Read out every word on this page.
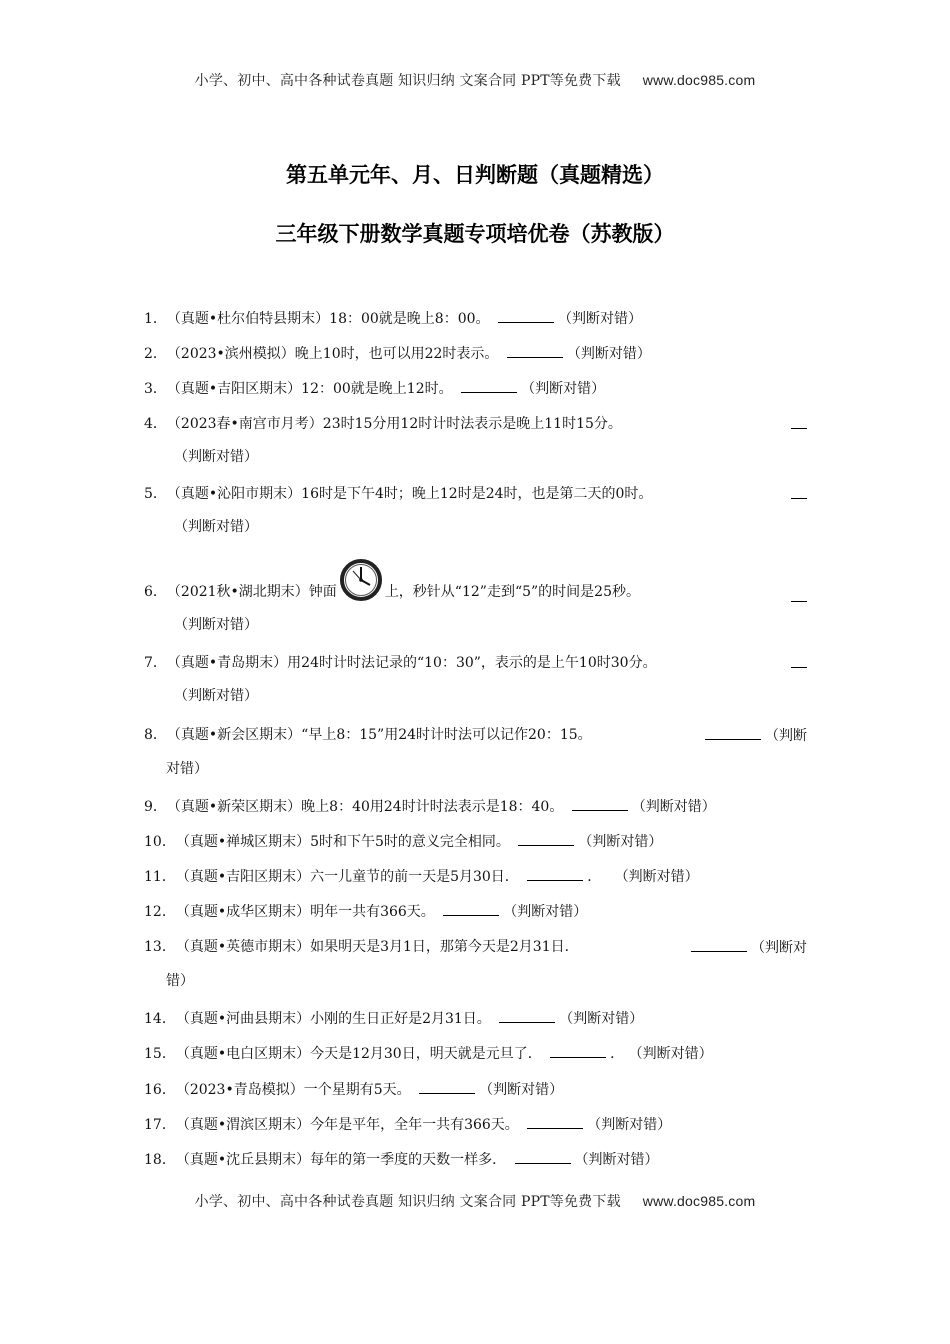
小学、初中、高中各种试卷真题 知识归纳 文案合同 PPT等免费下载 www.doc985.com
第五单元年、月、日判断题（真题精选）
三年级下册数学真题专项培优卷（苏教版）
1．（真题•杜尔伯特县期末）18：00就是晚上8：00。	（判断对错）
2．（2023•滨州模拟）晚上10时，也可以用22时表示。	（判断对错）
3．（真题•吉阳区期末）12：00就是晚上12时。	（判断对错）
4．（2023春•南宫市月考）23时15分用12时计时法表示是晚上11时15分。
（判断对错）
5．（真题•沁阳市期末）16时是下午4时；晚上12时是24时，也是第二天的0时。
（判断对错）
6．（2021秋•湖北期末）钟面	上，秒针从“12”走到“5”的时间是25秒。
（判断对错）
7．（真题•青岛期末）用24时计时法记录的“10：30”，表示的是上午10时30分。
（判断对错）
8．（真题•新会区期末）“早上8：15”用24时计时法可以记作20：15。	（判断
对错）
9．（真题•新荣区期末）晚上8：40用24时计时法表示是18：40。	（判断对错）
10．（真题•禅城区期末）5时和下午5时的意义完全相同。	（判断对错）
11．（真题•吉阳区期末）六一儿童节的前一天是5月30日．	． （判断对错）
12．（真题•成华区期末）明年一共有366天。	（判断对错）
13．（真题•英德市期末）如果明天是3月1日，那第今天是2月31日．	（判断对
错）
14．（真题•河曲县期末）小刚的生日正好是2月31日。	（判断对错）
15．（真题•电白区期末）今天是12月30日，明天就是元旦了．	． （判断对错）
16．（2023•青岛模拟）一个星期有5天。	（判断对错）
17．（真题•渭滨区期末）今年是平年，全年一共有366天。	（判断对错）
18．（真题•沈丘县期末）每年的第一季度的天数一样多．	（判断对错）
小学、初中、高中各种试卷真题 知识归纳 文案合同 PPT等免费下载 www.doc985.com
